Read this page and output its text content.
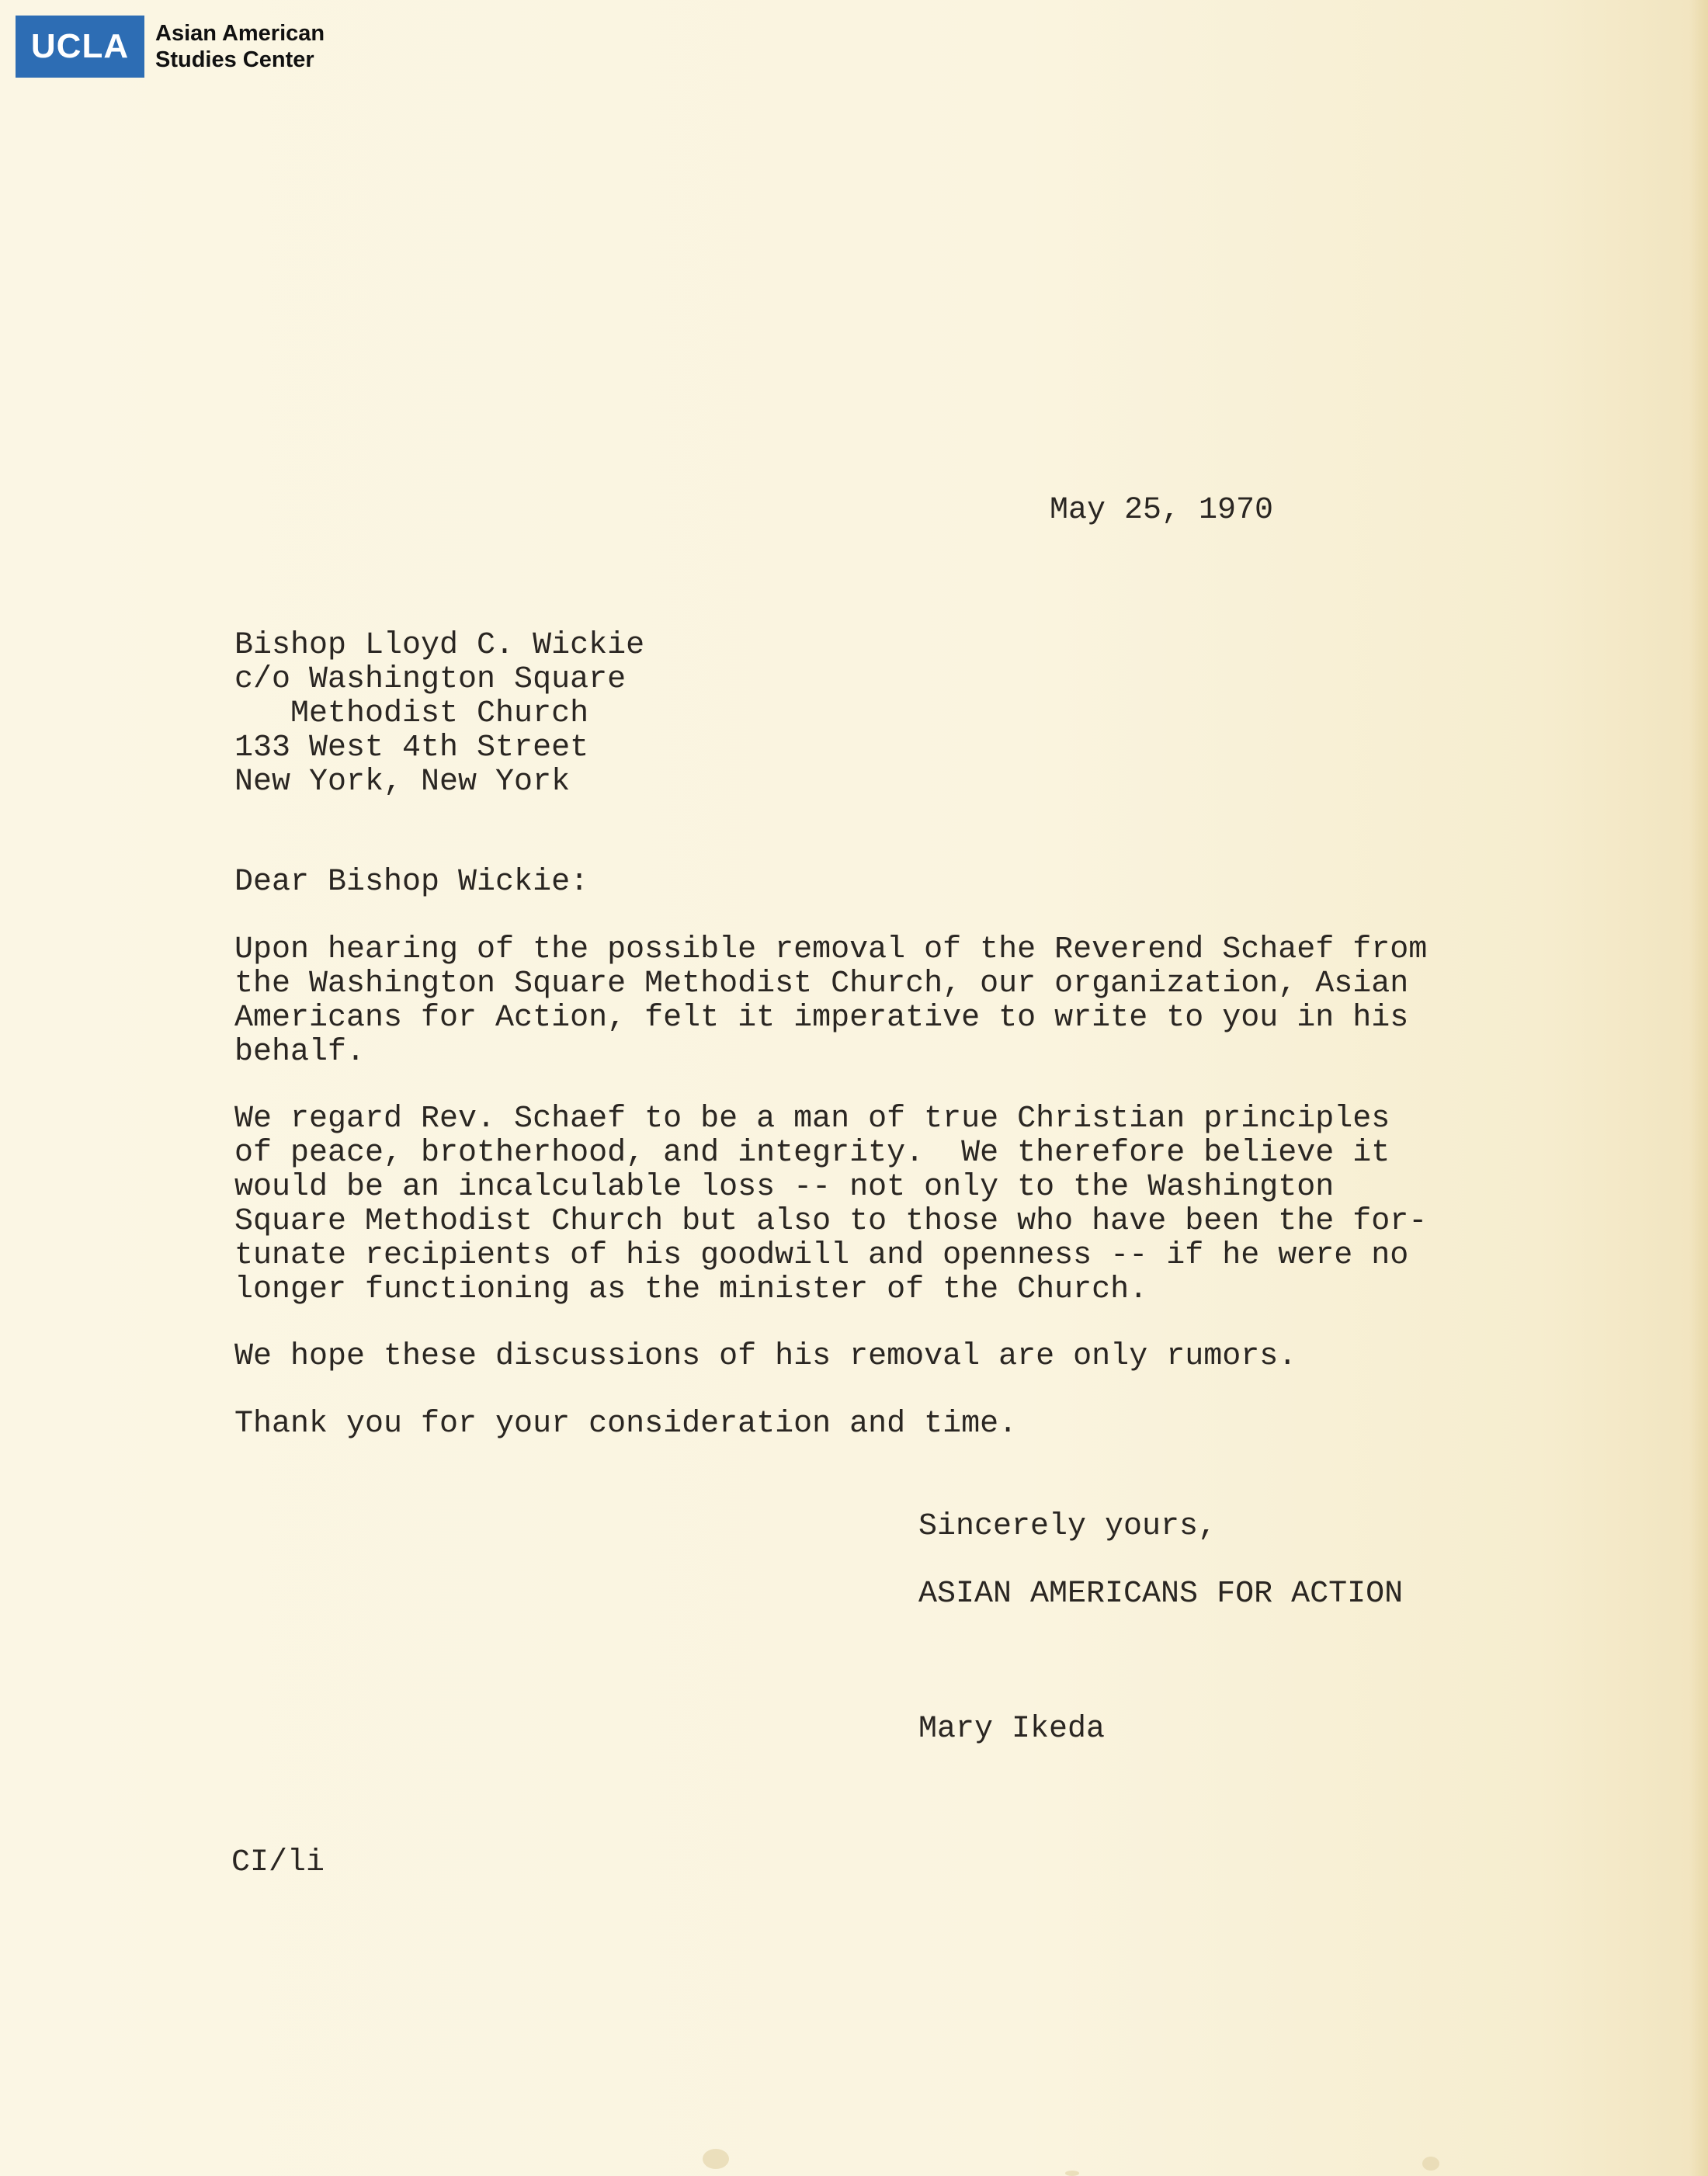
UCLA	Asian American
Studies Center

May 25, 1970

Bishop Lloyd C. Wickie
c/o Washington Square
Methodist Church
133 West 4th Street
New York, New York

Dear Bishop Wickie:

Upon hearing of the possible removal of the Reverend Schaef from
the Washington Square Methodist Church, our organization, Asian
Americans for Action, felt it imperative to write to you in his
behalf.
We regard Rev. Schaef to be a man of true Christian principles
of peace, brotherhood, and integrity.  We therefore believe it
would be an incalculable loss -- not only to the Washington
Square Methodist Church but also to those who have been the for-
tunate recipients of his goodwill and openness -- if he were no
longer functioning as the minister of the Church.
We hope these discussions of his removal are only rumors.
Thank you for your consideration and time.

Sincerely yours,

ASIAN AMERICANS FOR ACTION

Mary Ikeda

CI/li
